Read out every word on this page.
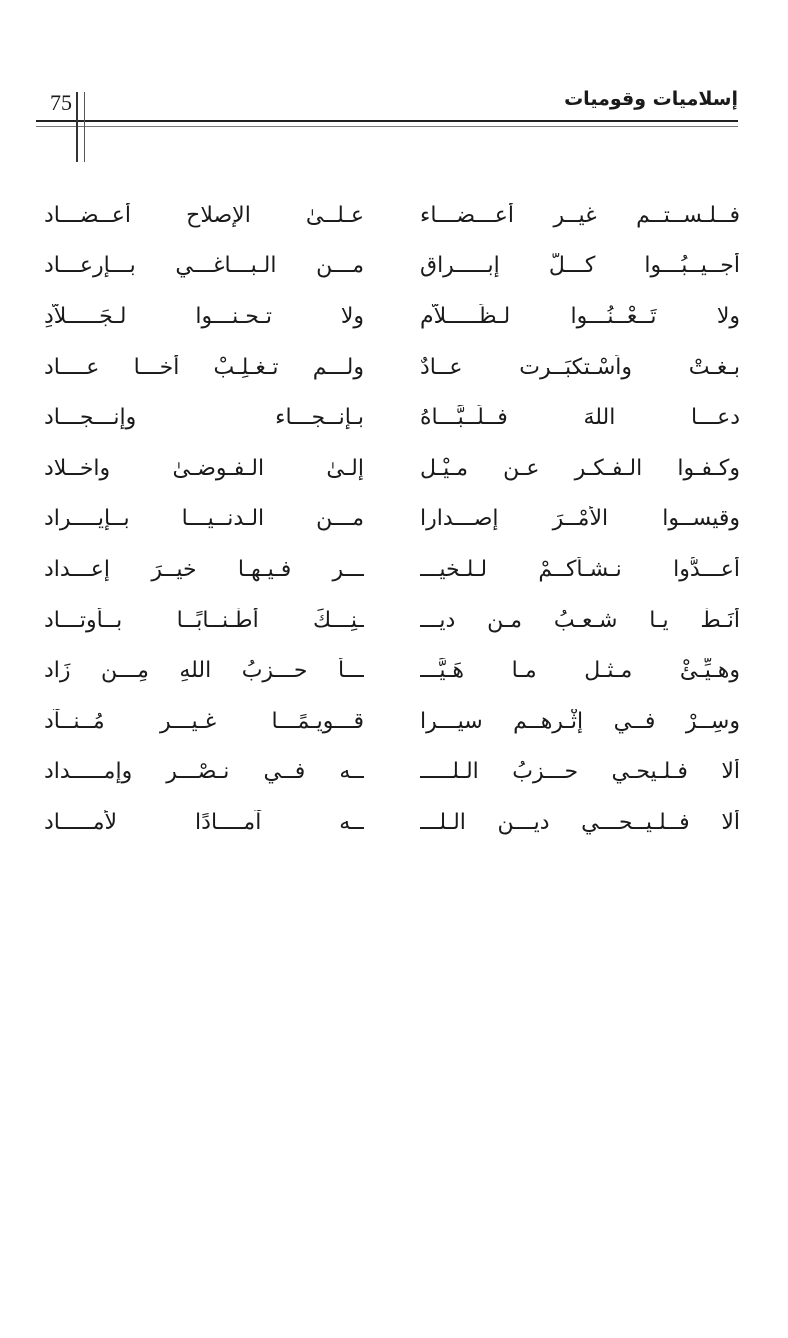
75	إسلاميات وقوميات
فــلـســتــم غيــر أعـــضـــاء
عـلــىٰ الإصلاح أعــضـــاد
أجــيــبُـــوا كـــلَّ إبـــــراق
مـــن الـبـــاغـــي بـــإرعـــاد
ولا تَــعْــنُـــوا لـظَـــــلاَّمٍ
ولا تـحـنـــوا لـجَـــــلاَّدِ
بـغـتْ واَسْـتكبَــرت عــادٌ
ولـــم تـغـلِـبْ أخـــا عــــاد
دعـــا اللهَ فــلَــبَّـــاهُ
بـإنــجـــاء وإنـــجـــاد
وكـفـوا الـفـكـر عـن مـيْـل
إلـىٰ الـفـوضـىٰ واخــلاد
وقيســوا الأمْــرَ إصـــدارا
مـــن الـدنــيـــا بــإيــــراد
أعـــدُّوا نـشـأكــمْ لـلـخيـــ
ـــرِ فـيـهـا خيــرَ إعـــداد
أنَـطْ يـا شـعـبُ مـن ديـــ
ـنِـــكَ أطْـنــابًــا بــأوتـــاد
وهـيِّـئْ مـثـل مـا هَـيَّـــ
ـــأ حـــزبُ اللهِ مِـــن زَاد
وسِــرْ فــي إثْـرهــم سيـــرا
قـــويـمًـــا غـيـــر مُــنــآد
ألا فـلـيحـي حـــزبُ الـلـــــ
ــه فــي نـصْـــر وإمـــــداد
ألا فــلـيــحـــي ديـــن الـلـــ
ــه آمــــادًا لأمـــــاد
